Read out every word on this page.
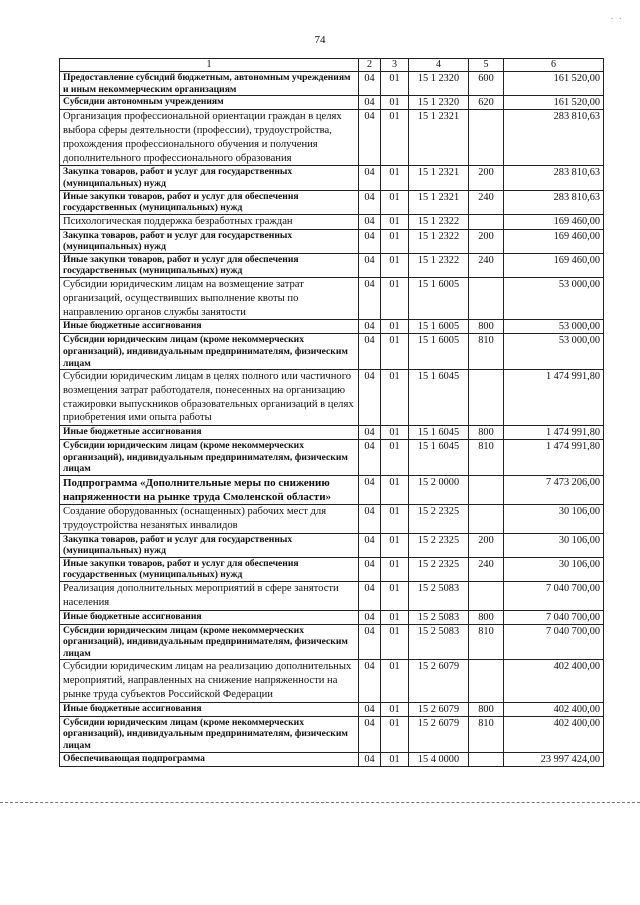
74
·  ·
1	2	3	4	5	6
Предоставление субсидий бюджетным, автономным учреждениям и иным некоммерческим организациям	04	01	15 1 2320	600	161 520,00
Субсидии автономным учреждениям	04	01	15 1 2320	620	161 520,00
Организация профессиональной ориентации граждан в целях выбора сферы деятельности (профессии), трудоустройства, прохождения профессионального обучения и получения дополнительного профессионального образования	04	01	15 1 2321		283 810,63
Закупка товаров, работ и услуг для государственных (муниципальных) нужд	04	01	15 1 2321	200	283 810,63
Иные закупки товаров, работ и услуг для обеспечения государственных (муниципальных) нужд	04	01	15 1 2321	240	283 810,63
Психологическая поддержка безработных граждан	04	01	15 1 2322		169 460,00
Закупка товаров, работ и услуг для государственных (муниципальных) нужд	04	01	15 1 2322	200	169 460,00
Иные закупки товаров, работ и услуг для обеспечения государственных (муниципальных) нужд	04	01	15 1 2322	240	169 460,00
Субсидии юридическим лицам на возмещение затрат организаций, осуществивших выполнение квоты по направлению органов службы занятости	04	01	15 1 6005		53 000,00
Иные бюджетные ассигнования	04	01	15 1 6005	800	53 000,00
Субсидии юридическим лицам (кроме некоммерческих организаций), индивидуальным предпринимателям, физическим лицам	04	01	15 1 6005	810	53 000,00
Субсидии юридическим лицам в целях полного или частичного возмещения затрат работодателя, понесенных на организацию стажировки выпускников образовательных организаций в целях приобретения ими опыта работы	04	01	15 1 6045		1 474 991,80
Иные бюджетные ассигнования	04	01	15 1 6045	800	1 474 991,80
Субсидии юридическим лицам (кроме некоммерческих организаций), индивидуальным предпринимателям, физическим лицам	04	01	15 1 6045	810	1 474 991,80
Подпрограмма «Дополнительные меры по снижению напряженности на рынке труда Смоленской области»	04	01	15 2 0000		7 473 206,00
Создание оборудованных (оснащенных) рабочих мест для трудоустройства незанятых инвалидов	04	01	15 2 2325		30 106,00
Закупка товаров, работ и услуг для государственных (муниципальных) нужд	04	01	15 2 2325	200	30 106,00
Иные закупки товаров, работ и услуг для обеспечения государственных (муниципальных) нужд	04	01	15 2 2325	240	30 106,00
Реализация дополнительных мероприятий в сфере занятости населения	04	01	15 2 5083		7 040 700,00
Иные бюджетные ассигнования	04	01	15 2 5083	800	7 040 700,00
Субсидии юридическим лицам (кроме некоммерческих организаций), индивидуальным предпринимателям, физическим лицам	04	01	15 2 5083	810	7 040 700,00
Субсидии юридическим лицам на реализацию дополнительных мероприятий, направленных на снижение напряженности на рынке труда субъектов Российской Федерации	04	01	15 2 6079		402 400,00
Иные бюджетные ассигнования	04	01	15 2 6079	800	402 400,00
Субсидии юридическим лицам (кроме некоммерческих организаций), индивидуальным предпринимателям, физическим лицам	04	01	15 2 6079	810	402 400,00
Обеспечивающая подпрограмма	04	01	15 4 0000		23 997 424,00
